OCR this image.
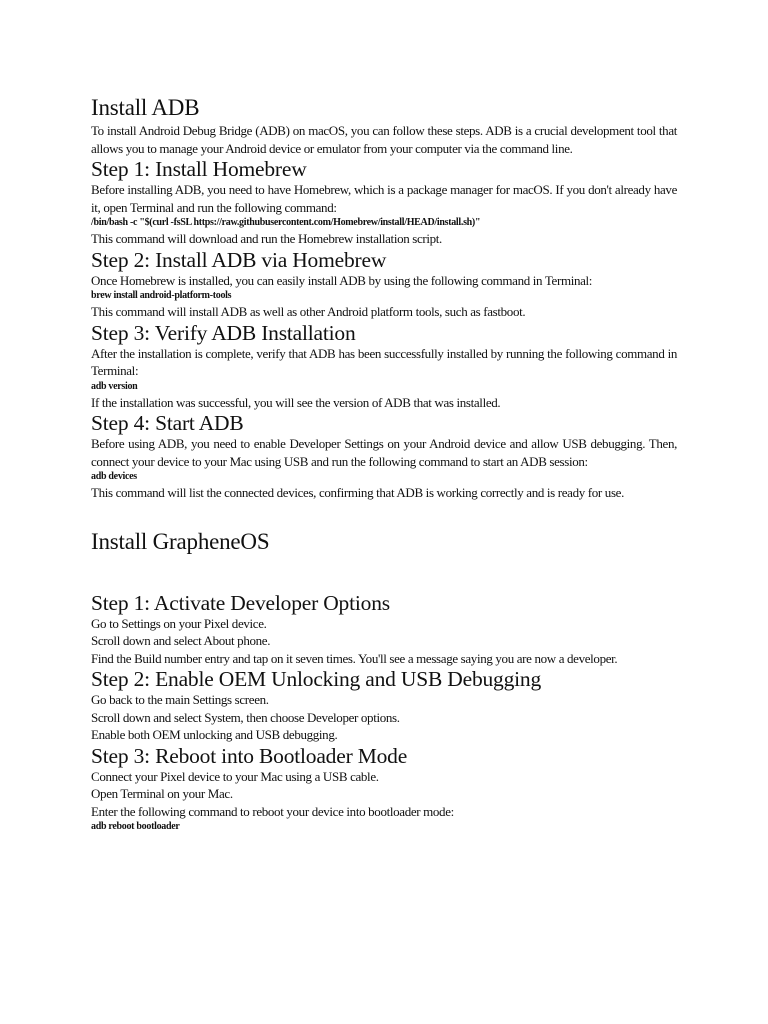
Install ADB

To install Android Debug Bridge (ADB) on macOS, you can follow these steps. ADB is a crucial development tool that allows you to manage your Android device or emulator from your computer via the command line.

Step 1: Install Homebrew

Before installing ADB, you need to have Homebrew, which is a package manager for macOS. If you don't already have it, open Terminal and run the following command:

/bin/bash -c "$(curl -fsSL https://raw.githubusercontent.com/Homebrew/install/HEAD/install.sh)"

This command will download and run the Homebrew installation script.

Step 2: Install ADB via Homebrew

Once Homebrew is installed, you can easily install ADB by using the following command in Terminal:

brew install android-platform-tools

This command will install ADB as well as other Android platform tools, such as fastboot.

Step 3: Verify ADB Installation

After the installation is complete, verify that ADB has been successfully installed by running the following command in Terminal:

adb version

If the installation was successful, you will see the version of ADB that was installed.

Step 4: Start ADB

Before using ADB, you need to enable Developer Settings on your Android device and allow USB debugging. Then, connect your device to your Mac using USB and run the following command to start an ADB session:

adb devices

This command will list the connected devices, confirming that ADB is working correctly and is ready for use.

Install GrapheneOS
Step 1: Activate Developer Options

Go to Settings on your Pixel device.

Scroll down and select About phone.

Find the Build number entry and tap on it seven times. You'll see a message saying you are now a developer.

Step 2: Enable OEM Unlocking and USB Debugging

Go back to the main Settings screen.

Scroll down and select System, then choose Developer options.

Enable both OEM unlocking and USB debugging.

Step 3: Reboot into Bootloader Mode

Connect your Pixel device to your Mac using a USB cable.

Open Terminal on your Mac.

Enter the following command to reboot your device into bootloader mode:

adb reboot bootloader
